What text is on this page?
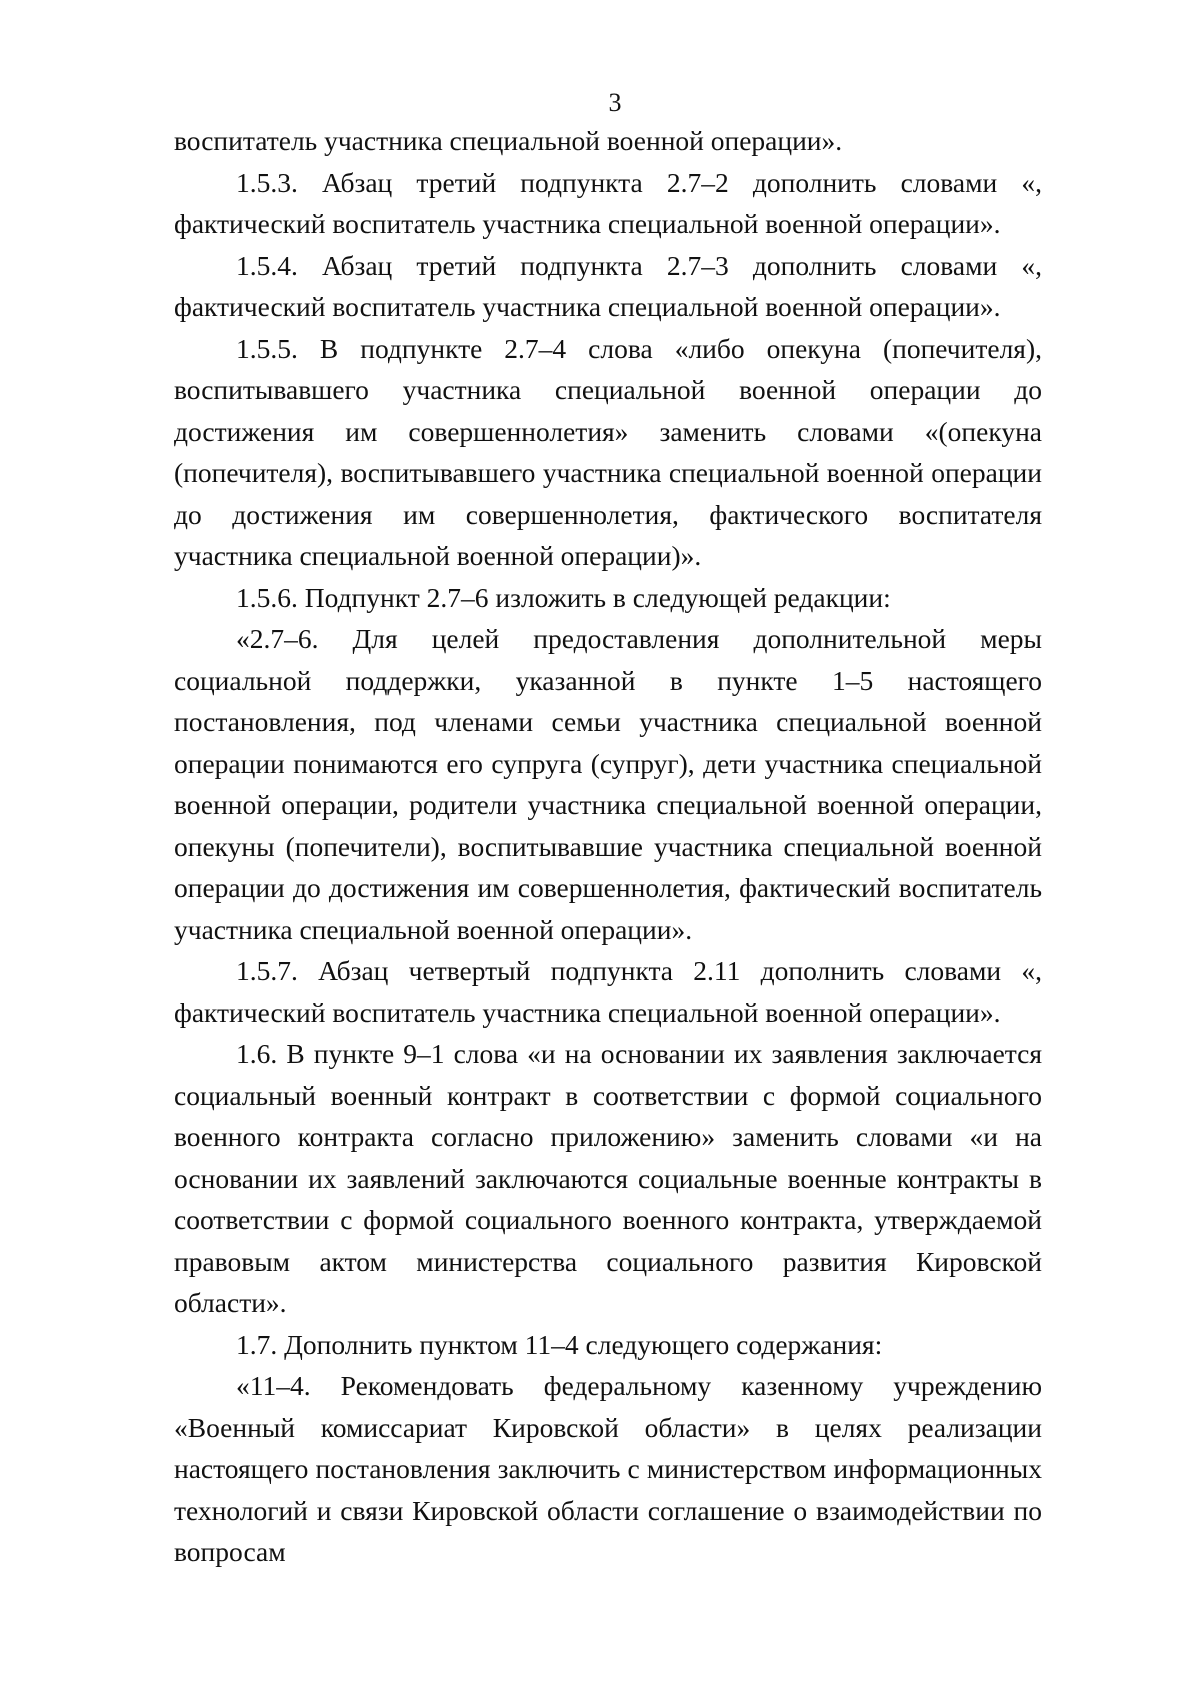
3

воспитатель участника специальной военной операции».

1.5.3. Абзац третий подпункта 2.7–2 дополнить словами «, фактический воспитатель участника специальной военной операции».

1.5.4. Абзац третий подпункта 2.7–3 дополнить словами «, фактический воспитатель участника специальной военной операции».

1.5.5. В подпункте 2.7–4 слова «либо опекуна (попечителя), воспитывавшего участника специальной военной операции до достижения им совершеннолетия» заменить словами «(опекуна (попечителя), воспитывавшего участника специальной военной операции до достижения им совершеннолетия, фактического воспитателя участника специальной военной операции)».

1.5.6. Подпункт 2.7–6 изложить в следующей редакции:

«2.7–6. Для целей предоставления дополнительной меры социальной поддержки, указанной в пункте 1–5 настоящего постановления, под членами семьи участника специальной военной операции понимаются его супруга (супруг), дети участника специальной военной операции, родители участника специальной военной операции, опекуны (попечители), воспитывавшие участника специальной военной операции до достижения им совершеннолетия, фактический воспитатель участника специальной военной операции».

1.5.7. Абзац четвертый подпункта 2.11 дополнить словами «, фактический воспитатель участника специальной военной операции».

1.6. В пункте 9–1 слова «и на основании их заявления заключается социальный военный контракт в соответствии с формой социального военного контракта согласно приложению» заменить словами «и на основании их заявлений заключаются социальные военные контракты в соответствии с формой социального военного контракта, утверждаемой правовым актом министерства социального развития Кировской области».

1.7. Дополнить пунктом 11–4 следующего содержания:

«11–4. Рекомендовать федеральному казенному учреждению «Военный комиссариат Кировской области» в целях реализации настоящего постановления заключить с министерством информационных технологий и связи Кировской области соглашение о взаимодействии по вопросам
